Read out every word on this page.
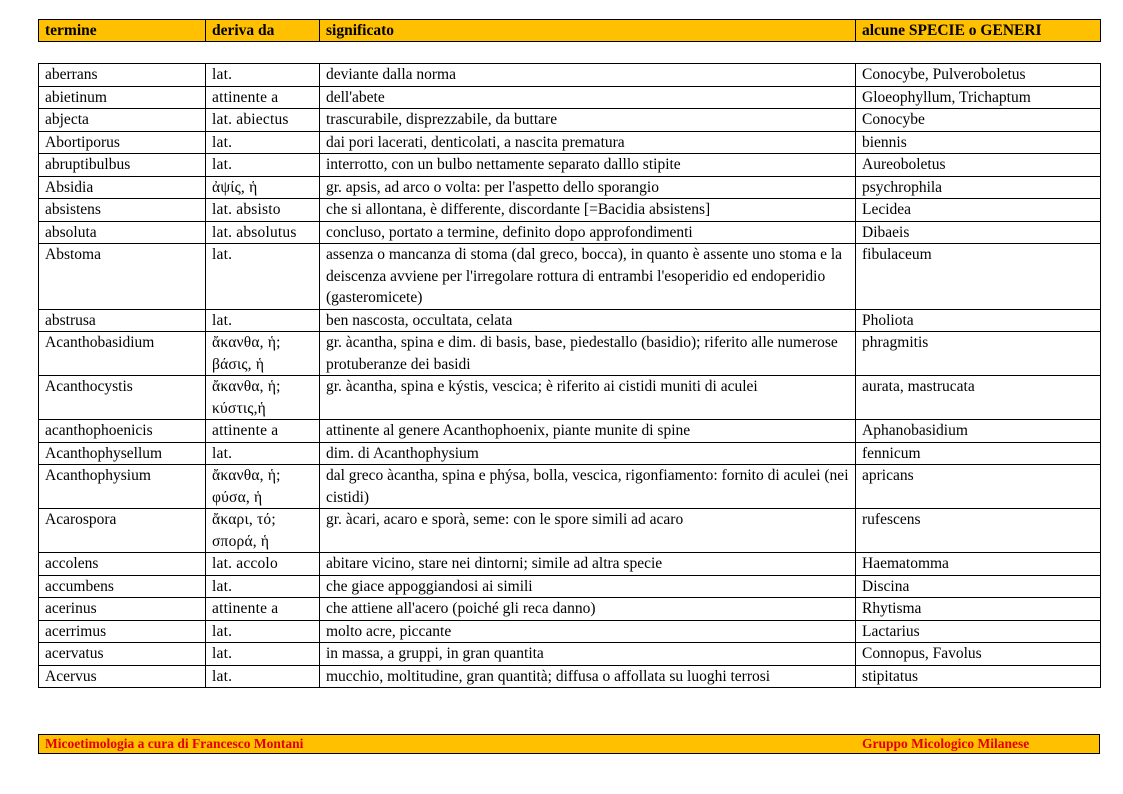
termine	deriva da	significato	alcune SPECIE o GENERI
aberrans	lat.	deviante dalla norma	Conocybe, Pulveroboletus
abietinum	attinente a	dell'abete	Gloeophyllum, Trichaptum
abjecta	lat. abiectus	trascurabile, disprezzabile, da buttare	Conocybe
Abortiporus	lat.	dai pori lacerati, denticolati, a nascita prematura	biennis
abruptibulbus	lat.	interrotto, con un bulbo nettamente separato dalllo stipite	Aureoboletus
Absidia	ἀψίς, ἡ	gr. apsis, ad arco o volta: per l'aspetto dello sporangio	psychrophila
absistens	lat. absisto	che si allontana, è differente, discordante [=Bacidia absistens]	Lecidea
absoluta	lat. absolutus	concluso, portato a termine, definito dopo approfondimenti	Dibaeis
Abstoma	lat.	assenza o mancanza di stoma (dal greco, bocca), in quanto è assente uno stoma e la deiscenza avviene per l'irregolare rottura di entrambi l'esoperidio ed endoperidio (gasteromicete)	fibulaceum
abstrusa	lat.	ben nascosta, occultata, celata	Pholiota
Acanthobasidium	ἄκανθα, ἡ; βάσις, ἡ	gr. àcantha, spina e dim. di basis, base, piedestallo (basidio); riferito alle numerose protuberanze dei basidi	phragmitis
Acanthocystis	ἄκανθα, ἡ; κύστις,ἡ	gr. àcantha, spina e kýstis, vescica; è riferito ai cistidi muniti di aculei	aurata, mastrucata
acanthophoenicis	attinente a	attinente al genere Acanthophoenix, piante munite di spine	Aphanobasidium
Acanthophysellum	lat.	dim. di Acanthophysium	fennicum
Acanthophysium	ἄκανθα, ἡ; φύσα, ἡ	dal greco àcantha, spina e phýsa, bolla, vescica, rigonfiamento: fornito di aculei (nei cistidi)	apricans
Acarospora	ἄκαρι, τό; σπορά, ἡ	gr. àcari, acaro e sporà, seme: con le spore simili ad acaro	rufescens
accolens	lat. accolo	abitare vicino, stare nei dintorni; simile ad altra specie	Haematomma
accumbens	lat.	che giace appoggiandosi ai simili	Discina
acerinus	attinente a	che attiene all'acero (poiché gli reca danno)	Rhytisma
acerrimus	lat.	molto acre, piccante	Lactarius
acervatus	lat.	in massa, a gruppi, in gran quantita	Connopus, Favolus
Acervus	lat.	mucchio, moltitudine, gran quantità; diffusa o affollata su luoghi terrosi	stipitatus
Micoetimologia a cura di Francesco Montani	Gruppo Micologico Milanese
